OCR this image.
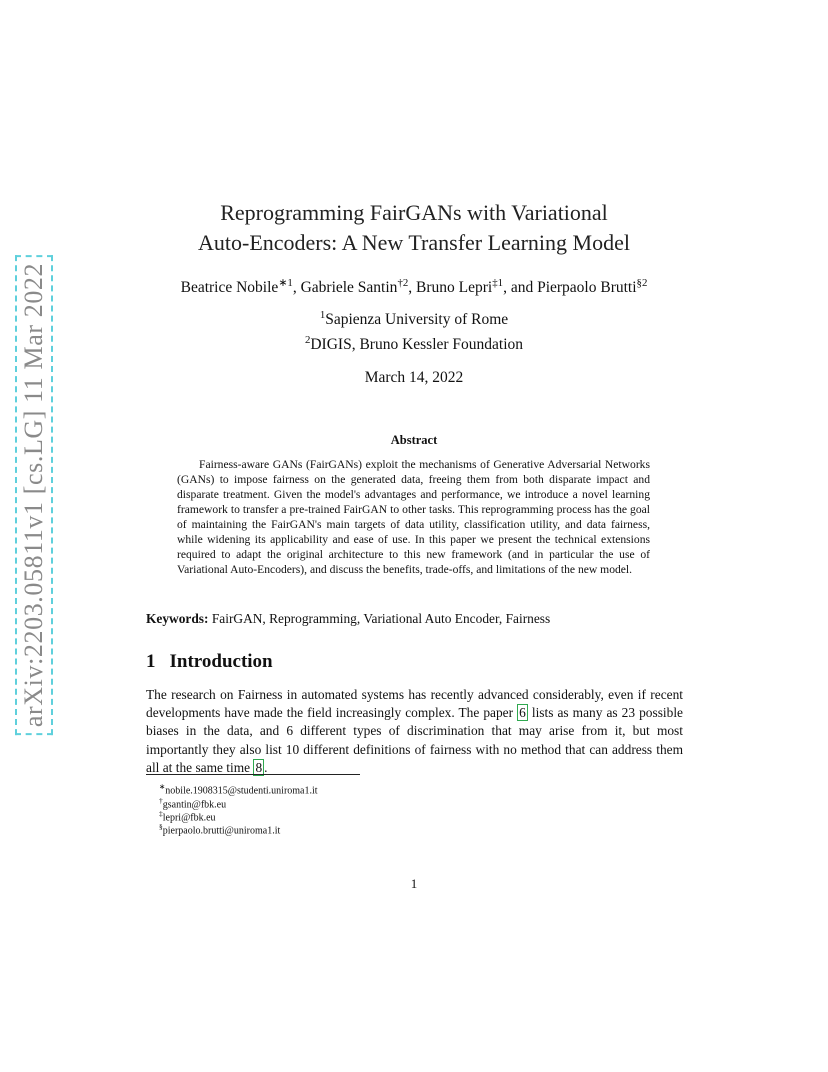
arXiv:2203.05811v1 [cs.LG] 11 Mar 2022
Reprogramming FairGANs with Variational
Auto-Encoders: A New Transfer Learning Model
Beatrice Nobile$^{∗1}$, Gabriele Santin$^{\dagger 2}$, Bruno Lepri$^{\ddagger 1}$, and Pierpaolo Brutti$^{\S 2}$
$^1$Sapienza University of Rome
$^2$DIGIS, Bruno Kessler Foundation
March 14, 2022
Abstract
Fairness-aware GANs (FairGANs) exploit the mechanisms of Generative Adversarial Networks (GANs) to impose fairness on the generated data, freeing them from both disparate impact and disparate treatment. Given the model's advantages and performance, we introduce a novel learning framework to transfer a pre-trained FairGAN to other tasks. This reprogramming process has the goal of maintaining the FairGAN's main targets of data utility, classification utility, and data fairness, while widening its applicability and ease of use. In this paper we present the technical extensions required to adapt the original architecture to this new framework (and in particular the use of Variational Auto-Encoders), and discuss the benefits, trade-offs, and limitations of the new model.
Keywords: FairGAN, Reprogramming, Variational Auto Encoder, Fairness
1 Introduction
The research on Fairness in automated systems has recently advanced considerably, even if recent developments have made the field increasingly complex. The paper 6 lists as many as 23 possible biases in the data, and 6 different types of discrimination that may arise from it, but most importantly they also list 10 different definitions of fairness with no method that can address them all at the same time 8 .
∗nobile.1908315@studenti.uniroma1.it
†gsantin@fbk.eu
‡lepri@fbk.eu
§pierpaolo.brutti@uniroma1.it
1
